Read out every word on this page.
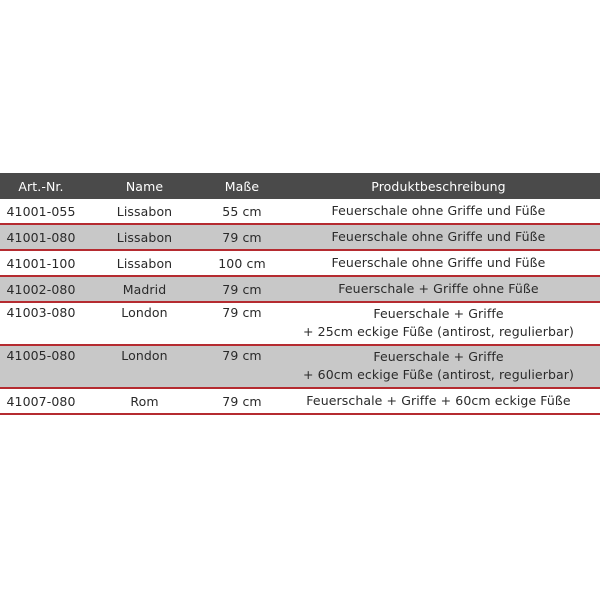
Art.-Nr.	Name	Maße	Produktbeschreibung
41001-055	Lissabon	55 cm	Feuerschale ohne Griffe und Füße
41001-080	Lissabon	79 cm	Feuerschale ohne Griffe und Füße
41001-100	Lissabon	100 cm	Feuerschale ohne Griffe und Füße
41002-080	Madrid	79 cm	Feuerschale + Griffe ohne Füße
41003-080	London	79 cm	Feuerschale + Griffe
+ 25cm eckige Füße (antirost, regulierbar)
41005-080	London	79 cm	Feuerschale + Griffe
+ 60cm eckige Füße (antirost, regulierbar)
41007-080	Rom	79 cm	Feuerschale + Griffe + 60cm eckige Füße
